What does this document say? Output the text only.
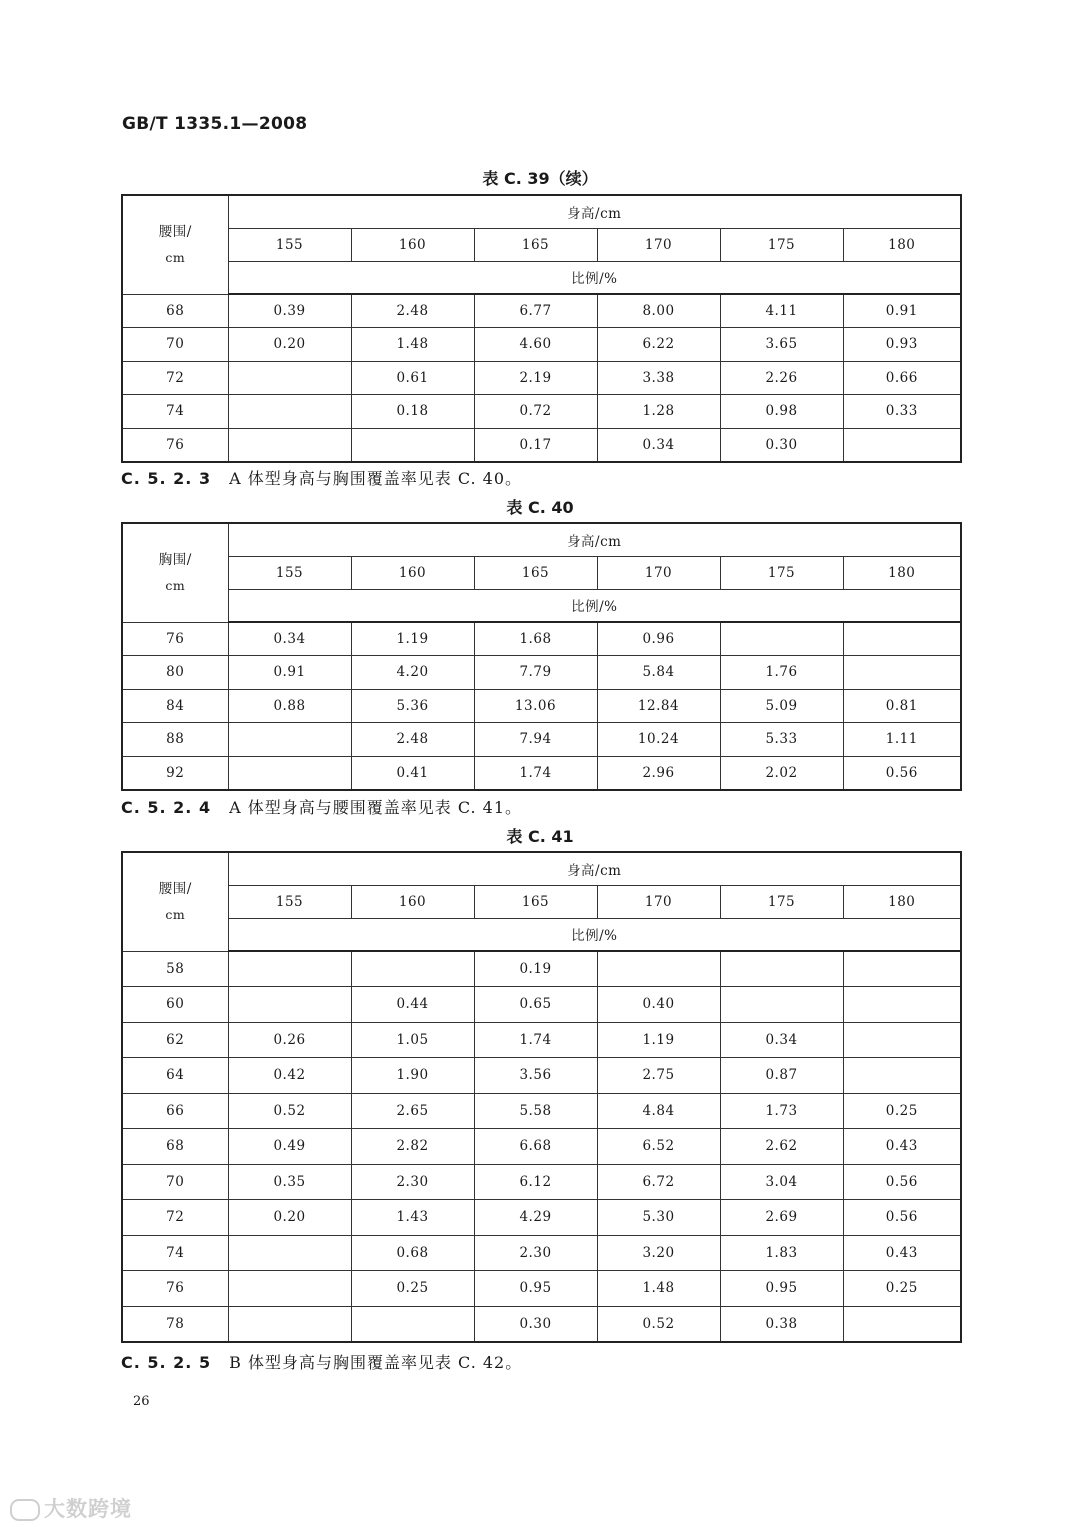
GB/T 1335.1—2008
表 C. 39（续）
腰围/
cm	身高/cm					
	155	160	165	170	175	180
	比例/%					
68	0.39	2.48	6.77	8.00	4.11	0.91
70	0.20	1.48	4.60	6.22	3.65	0.93
72		0.61	2.19	3.38	2.26	0.66
74		0.18	0.72	1.28	0.98	0.33
76			0.17	0.34	0.30	
C. 5. 2. 3 A 体型身高与胸围覆盖率见表 C. 40。
表 C. 40
胸围/
cm	身高/cm					
	155	160	165	170	175	180
	比例/%					
76	0.34	1.19	1.68	0.96		
80	0.91	4.20	7.79	5.84	1.76	
84	0.88	5.36	13.06	12.84	5.09	0.81
88		2.48	7.94	10.24	5.33	1.11
92		0.41	1.74	2.96	2.02	0.56
C. 5. 2. 4 A 体型身高与腰围覆盖率见表 C. 41。
表 C. 41
腰围/
cm	身高/cm					
	155	160	165	170	175	180
	比例/%					
58			0.19			
60		0.44	0.65	0.40		
62	0.26	1.05	1.74	1.19	0.34	
64	0.42	1.90	3.56	2.75	0.87	
66	0.52	2.65	5.58	4.84	1.73	0.25
68	0.49	2.82	6.68	6.52	2.62	0.43
70	0.35	2.30	6.12	6.72	3.04	0.56
72	0.20	1.43	4.29	5.30	2.69	0.56
74		0.68	2.30	3.20	1.83	0.43
76		0.25	0.95	1.48	0.95	0.25
78			0.30	0.52	0.38	
C. 5. 2. 5 B 体型身高与胸围覆盖率见表 C. 42。
26
大数跨境
